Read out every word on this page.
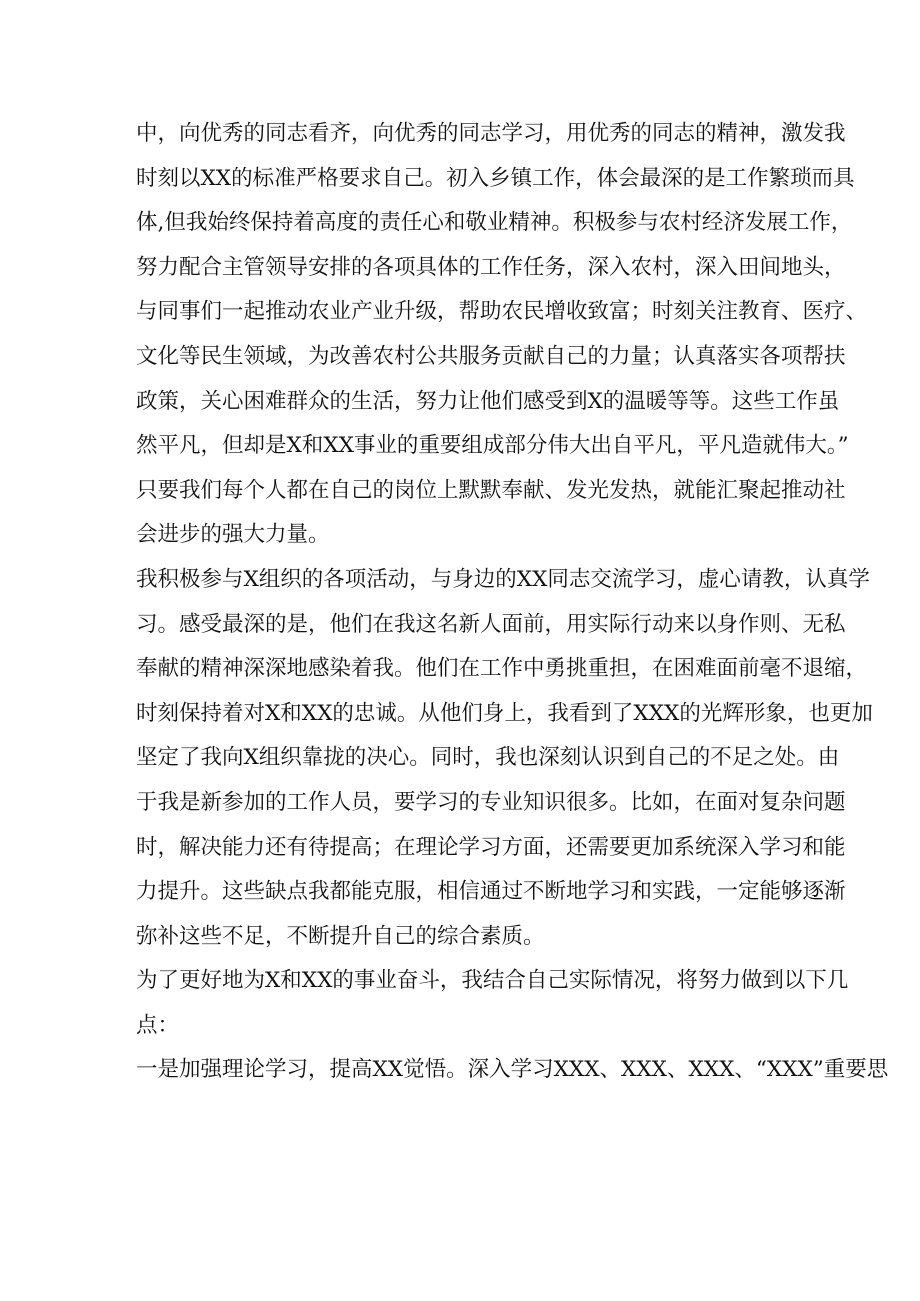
中，向优秀的同志看齐，向优秀的同志学习，用优秀的同志的精神，激发我
时刻以XX的标准严格要求自己。初入乡镇工作，体会最深的是工作繁琐而具
体,但我始终保持着高度的责任心和敬业精神。积极参与农村经济发展工作，
努力配合主管领导安排的各项具体的工作任务，深入农村，深入田间地头，
与同事们一起推动农业产业升级，帮助农民增收致富；时刻关注教育、医疗、
文化等民生领域，为改善农村公共服务贡献自己的力量；认真落实各项帮扶
政策，关心困难群众的生活，努力让他们感受到X的温暖等等。这些工作虽
然平凡，但却是X和XX事业的重要组成部分伟大出自平凡，平凡造就伟大。”
只要我们每个人都在自己的岗位上默默奉献、发光发热，就能汇聚起推动社
会进步的强大力量。
我积极参与X组织的各项活动，与身边的XX同志交流学习，虚心请教，认真学
习。感受最深的是，他们在我这名新人面前，用实际行动来以身作则、无私
奉献的精神深深地感染着我。他们在工作中勇挑重担，在困难面前毫不退缩，
时刻保持着对X和XX的忠诚。从他们身上，我看到了XXX的光辉形象，也更加
坚定了我向X组织靠拢的决心。同时，我也深刻认识到自己的不足之处。由
于我是新参加的工作人员，要学习的专业知识很多。比如，在面对复杂问题
时，解决能力还有待提高；在理论学习方面，还需要更加系统深入学习和能
力提升。这些缺点我都能克服，相信通过不断地学习和实践，一定能够逐渐
弥补这些不足，不断提升自己的综合素质。
为了更好地为X和XX的事业奋斗，我结合自己实际情况，将努力做到以下几
点：
一是加强理论学习，提高XX觉悟。深入学习XXX、XXX、XXX、“XXX”重要思
